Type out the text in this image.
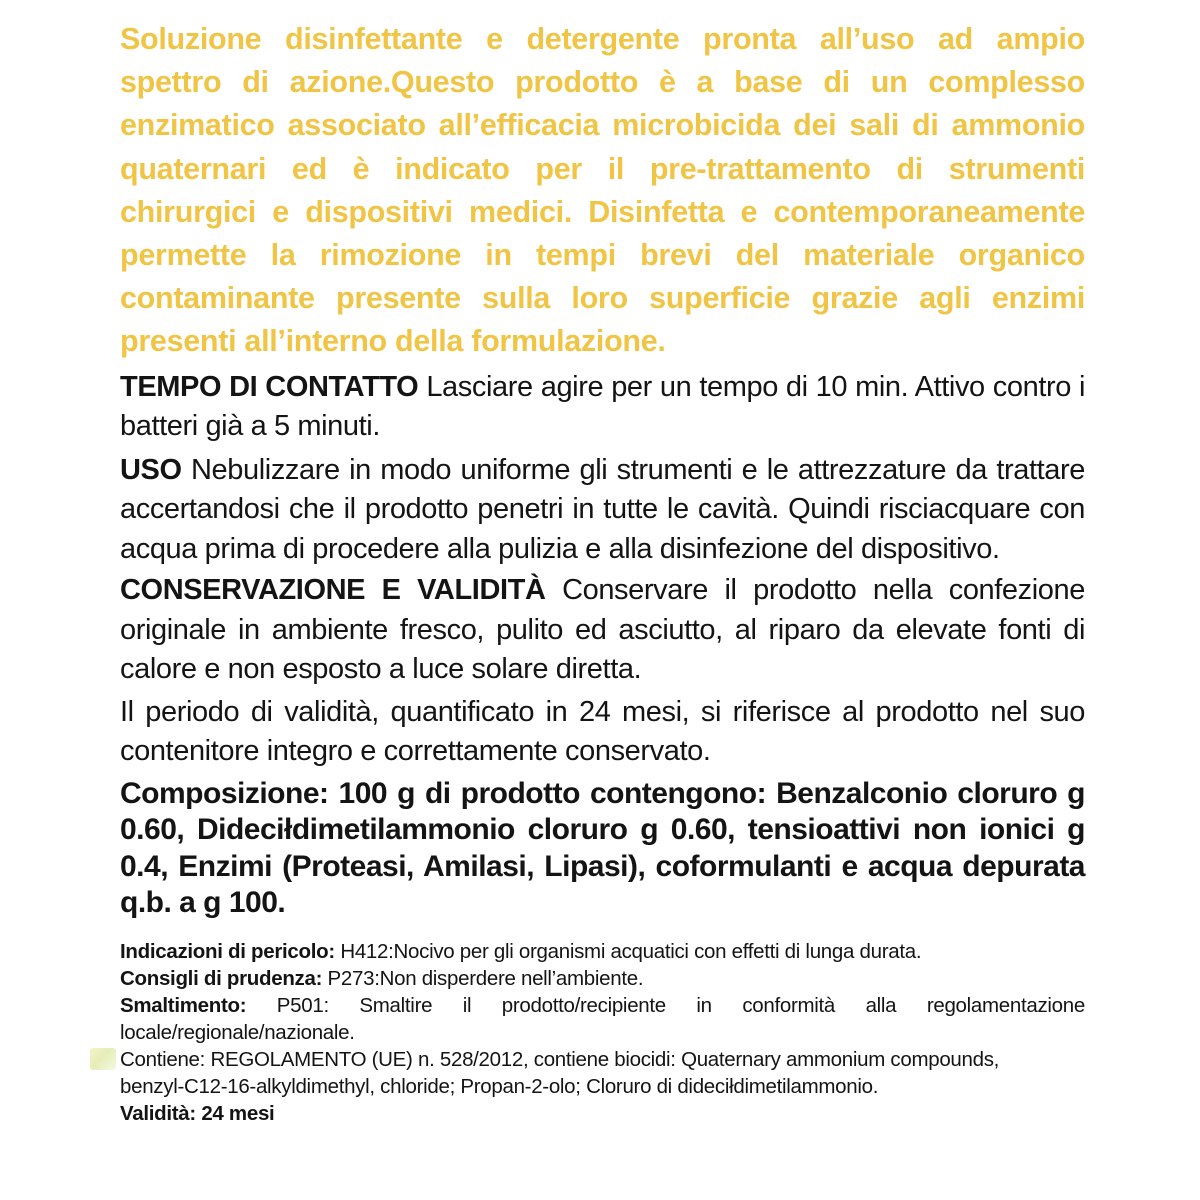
Soluzione disinfettante e detergente pronta all’uso ad ampio spettro di azione.Questo prodotto è a base di un complesso enzimatico associato all’efficacia microbicida dei sali di ammonio quaternari ed è indicato per il pre-trattamento di strumenti chirurgici e dispositivi medici. Disinfetta e contemporaneamente permette la rimozione in tempi brevi del materiale organico contaminante presente sulla loro superficie grazie agli enzimi presenti all’interno della formulazione.

TEMPO DI CONTATTO Lasciare agire per un tempo di 10 min. Attivo contro i batteri già a 5 minuti.

USO Nebulizzare in modo uniforme gli strumenti e le attrezzature da trattare accertandosi che il prodotto penetri in tutte le cavità. Quindi risciacquare con acqua prima di procedere alla pulizia e alla disinfezione del dispositivo.

CONSERVAZIONE E VALIDITÀ Conservare il prodotto nella confezione originale in ambiente fresco, pulito ed asciutto, al riparo da elevate fonti di calore e non esposto a luce solare diretta.

Il periodo di validità, quantificato in 24 mesi, si riferisce al prodotto nel suo contenitore integro e correttamente conservato.

Composizione: 100 g di prodotto contengono: Benzalconio cloruro g 0.60, Dideciłdimetilammonio cloruro g 0.60, tensioattivi non ionici g 0.4, Enzimi (Proteasi, Amilasi, Lipasi), coformulanti e acqua depurata q.b. a g 100.

Indicazioni di pericolo: H412:Nocivo per gli organismi acquatici con effetti di lunga durata.

Consigli di prudenza: P273:Non disperdere nell’ambiente.

Smaltimento: P501: Smaltire il prodotto/recipiente in conformità alla regolamentazione locale/regionale/nazionale.

Contiene: REGOLAMENTO (UE) n. 528/2012, contiene biocidi: Quaternary ammonium compounds,

benzyl-C12-16-alkyldimethyl, chloride; Propan-2-olo; Cloruro di dideciłdimetilammonio.

Validità: 24 mesi
